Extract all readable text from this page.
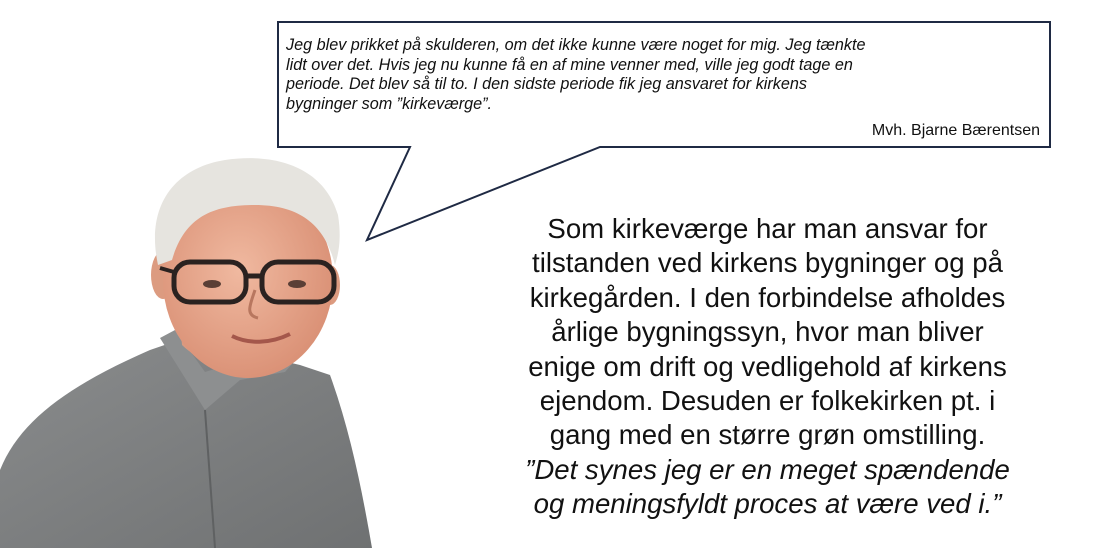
Jeg blev prikket på skulderen, om det ikke kunne være noget for mig. Jeg tænkte
lidt over det. Hvis jeg nu kunne få en af mine venner med, ville jeg godt tage en
periode. Det blev så til to. I den sidste periode fik jeg ansvaret for kirkens
bygninger som ”kirkeværge”.
Mvh. Bjarne Bærentsen
Som kirkeværge har man ansvar for
tilstanden ved kirkens bygninger og på
kirkegården. I den forbindelse afholdes
årlige bygningssyn, hvor man bliver
enige om drift og vedligehold af kirkens
ejendom. Desuden er folkekirken pt. i
gang med en større grøn omstilling.
”Det synes jeg er en meget spændende
og meningsfyldt proces at være ved i.”
